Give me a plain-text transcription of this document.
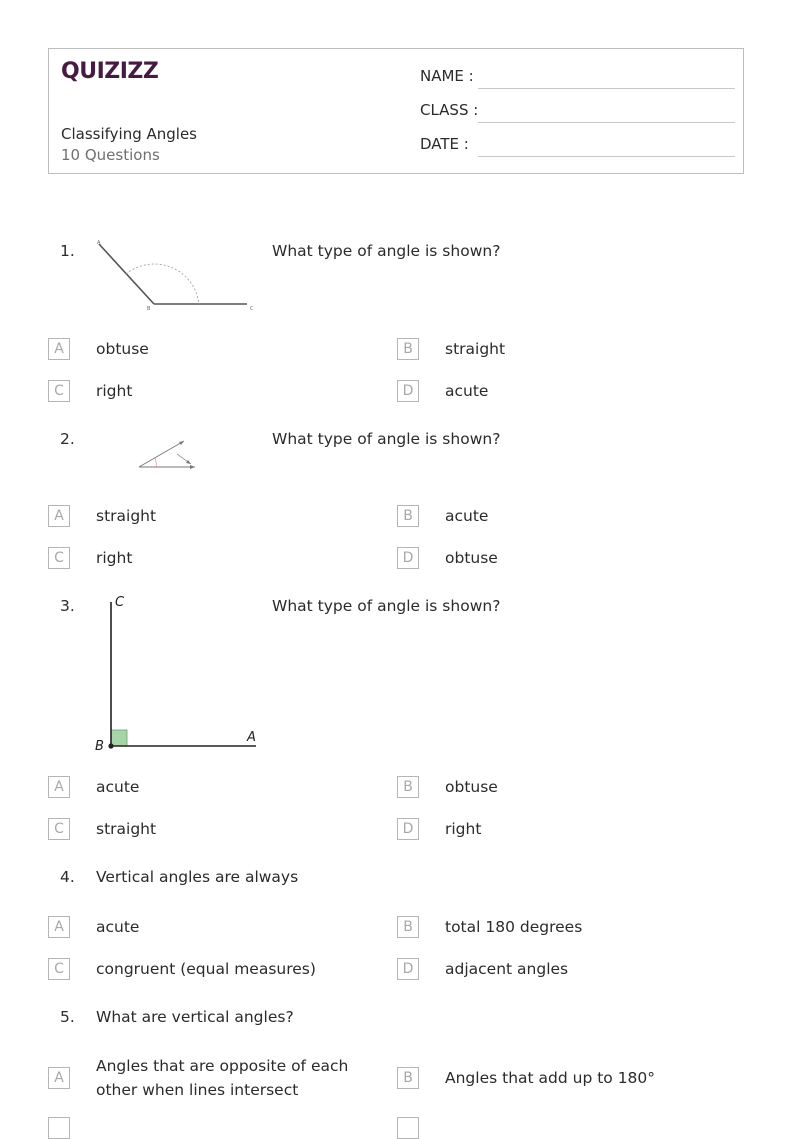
QUIZIZZ
Classifying Angles
10 Questions
NAME :
CLASS :
DATE :
1.	A
B	C
What type of angle is shown?
A	obtuse	B	straight
C	right	D	acute
2.	What type of angle is shown?
A	straight	B	acute
C	right	D	obtuse
3.	C
B
A
What type of angle is shown?
A	acute	B	obtuse
C	straight	D	right
4. Vertical angles are always
A	acute	B	total 180 degrees
C	congruent (equal measures)	D	adjacent angles
5. What are vertical angles?
A
Angles that are opposite of each other when lines intersect
B	Angles that add up to 180°
